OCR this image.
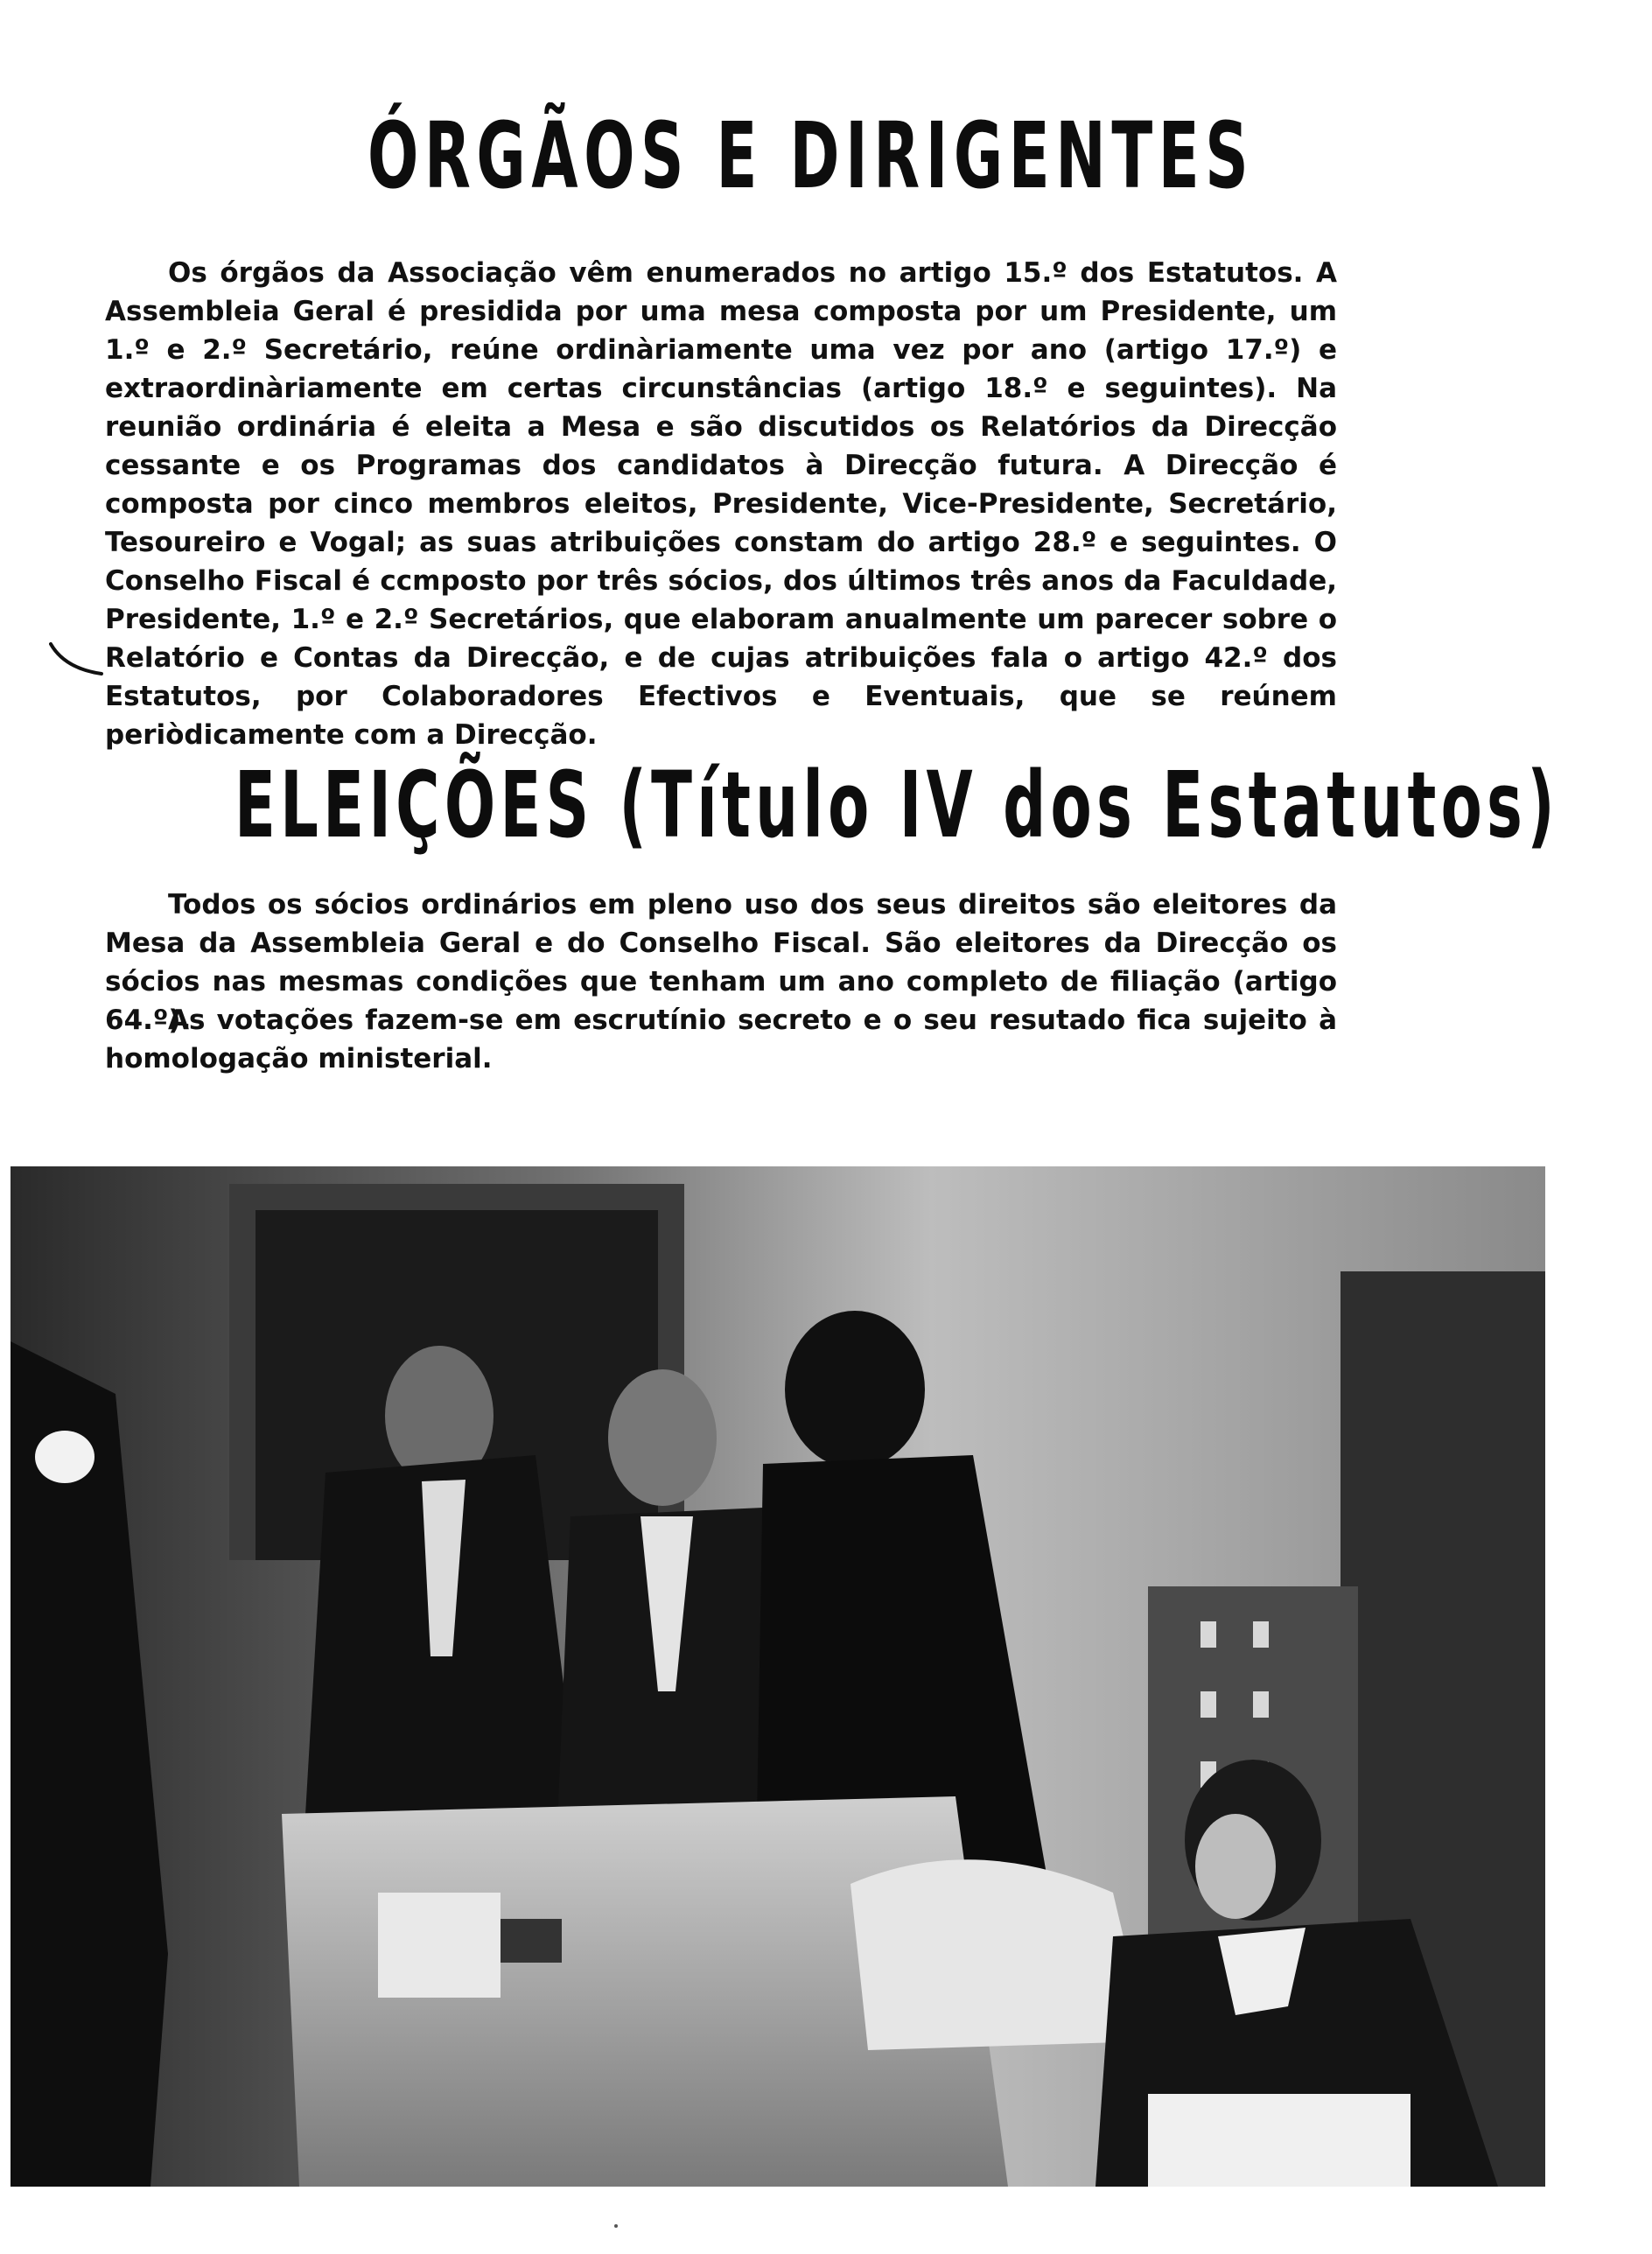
ÓRGÃOS E DIRIGENTES

Os órgãos da Associação vêm enumerados no artigo 15.º dos Estatutos. A Assembleia Geral é presidida por uma mesa composta por um Presidente, um 1.º e 2.º Secretário, reúne ordinàriamente uma vez por ano (artigo 17.º) e extraordinàriamente em certas circunstâncias (artigo 18.º e seguintes). Na reunião ordinária é eleita a Mesa e são discutidos os Relatórios da Direcção cessante e os Programas dos candidatos à Direcção futura. A Direcção é composta por cinco membros eleitos, Presidente, Vice-Presidente, Secretário, Tesoureiro e Vogal; as suas atribuições constam do artigo 28.º e seguintes. O Conselho Fiscal é ccmposto por três sócios, dos últimos três anos da Faculdade, Presidente, 1.º e 2.º Secretários, que elaboram anualmente um parecer sobre o Relatório e Contas da Direcção, e de cujas atribuições fala o artigo 42.º dos Estatutos, por Colaboradores Efectivos e Eventuais, que se reúnem periòdicamente com a Direcção.

ELEIÇÕES (Título IV dos Estatutos)

Todos os sócios ordinários em pleno uso dos seus direitos são eleitores da Mesa da Assembleia Geral e do Conselho Fiscal. São eleitores da Direcção os sócios nas mesmas condições que tenham um ano completo de filiação (artigo 64.º).

As votações fazem-se em escrutínio secreto e o seu resutado fica sujeito à homologação ministerial.
